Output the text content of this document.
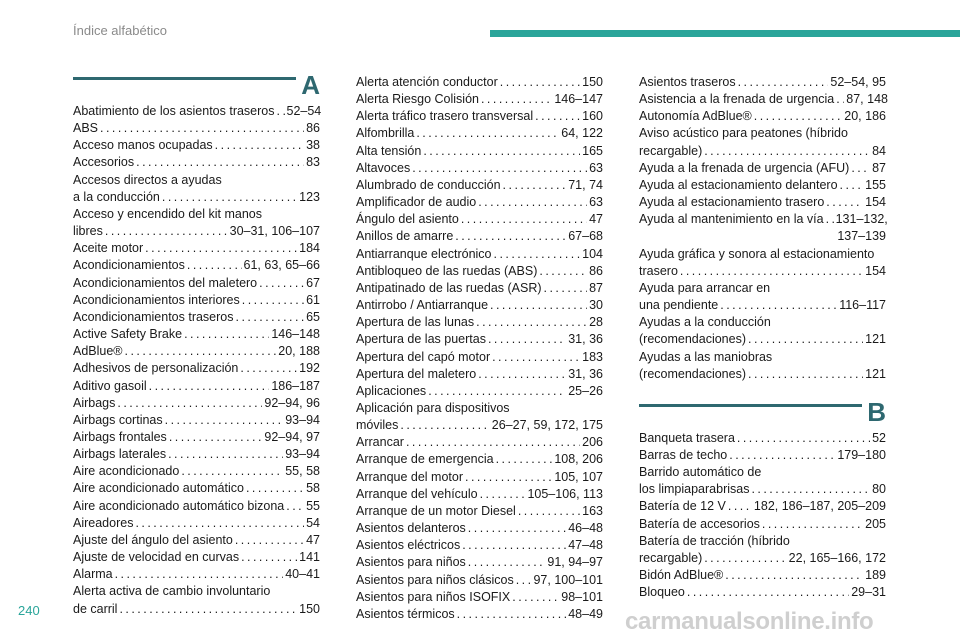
Índice alfabético
A
Abatimiento de los asientos traseros . . . 52–54
ABS . . .	86
Acceso manos ocupadas . . .	38
Accesorios . . .	83
Accesos directos a ayudas
a la conducción . . .	123
Acceso y encendido del kit manos
libres . . .	30–31, 106–107
Aceite motor . . .	184
Acondicionamientos . . .	61, 63, 65–66
Acondicionamientos del maletero . . .	67
Acondicionamientos interiores . . .	61
Acondicionamientos traseros . . .	65
Active Safety Brake . . .	146–148
AdBlue® . . .	20, 188
Adhesivos de personalización . . .	192
Aditivo gasoil . . .	186–187
Airbags . . .	92–94, 96
Airbags cortinas . . .	93–94
Airbags frontales . . .	92–94, 97
Airbags laterales . . .	93–94
Aire acondicionado . . .	55, 58
Aire acondicionado automático . . .	58
Aire acondicionado automático bizona . . . 55
Aireadores . . .	54
Ajuste del ángulo del asiento . . .	47
Ajuste de velocidad en curvas . . .	141
Alarma . . .	40–41
Alerta activa de cambio involuntario
de carril . . .	150
Alerta atención conductor . . .	150
Alerta Riesgo Colisión . . .	146–147
Alerta tráfico trasero transversal . . .	160
Alfombrilla . . .	64, 122
Alta tensión . . .	165
Altavoces . . .	63
Alumbrado de conducción . . .	71, 74
Amplificador de audio . . .	63
Ángulo del asiento . . .	47
Anillos de amarre . . .	67–68
Antiarranque electrónico . . .	104
Antibloqueo de las ruedas (ABS) . . .	86
Antipatinado de las ruedas (ASR) . . .	87
Antirrobo / Antiarranque . . .	30
Apertura de las lunas . . .	28
Apertura de las puertas . . .	31, 36
Apertura del capó motor . . .	183
Apertura del maletero . . .	31, 36
Aplicaciones . . .	25–26
Aplicación para dispositivos
móviles . . .	26–27, 59, 172, 175
Arrancar . . .	206
Arranque de emergencia . . .	108, 206
Arranque del motor . . .	105, 107
Arranque del vehículo . . .	105–106, 113
Arranque de un motor Diesel . . .	163
Asientos delanteros . . .	46–48
Asientos eléctricos . . .	47–48
Asientos para niños . . .	91, 94–97
Asientos para niños clásicos . . . 97, 100–101
Asientos para niños ISOFIX . . .	98–101
Asientos térmicos . . .	48–49
Asientos traseros . . .	52–54, 95
Asistencia a la frenada de urgencia . . . 87, 148
Autonomía AdBlue® . . .	20, 186
Aviso acústico para peatones (híbrido
recargable) . . .	84
Ayuda a la frenada de urgencia (AFU) . . . 87
Ayuda al estacionamiento delantero . . . 155
Ayuda al estacionamiento trasero . . .	154
Ayuda al mantenimiento en la vía . . . 131–132,
137–139
Ayuda gráfica y sonora al estacionamiento
trasero . . .	154
Ayuda para arrancar en
una pendiente . . .	116–117
Ayudas a la conducción
(recomendaciones) . . .	121
Ayudas a las maniobras
(recomendaciones) . . .	121
B
Banqueta trasera . . .	52
Barras de techo . . .	179–180
Barrido automático de
los limpiaparabrisas . . .	80
Batería de 12 V . . . 182, 186–187, 205–209
Batería de accesorios . . .	205
Batería de tracción (híbrido
recargable) . . .	22, 165–166, 172
Bidón AdBlue® . . .	189
Bloqueo . . .	29–31
240	carmanualsonline.info
